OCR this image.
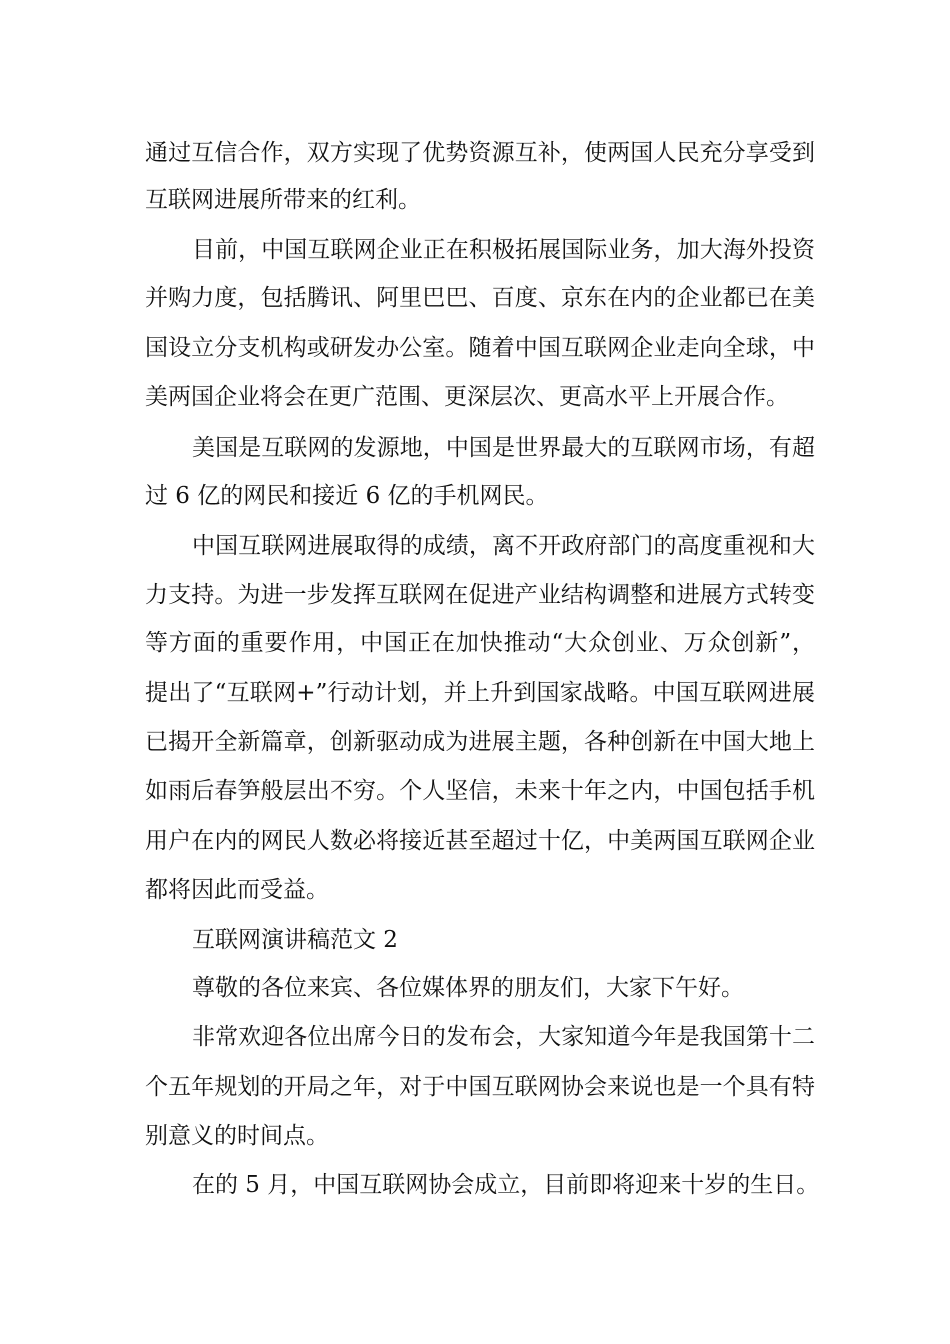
通过互信合作，双方实现了优势资源互补，使两国人民充分享受到
互联网进展所带来的红利。
目前，中国互联网企业正在积极拓展国际业务，加大海外投资
并购力度，包括腾讯、阿里巴巴、百度、京东在内的企业都已在美
国设立分支机构或研发办公室。随着中国互联网企业走向全球，中
美两国企业将会在更广范围、更深层次、更高水平上开展合作。
美国是互联网的发源地，中国是世界最大的互联网市场，有超
过 6 亿的网民和接近 6 亿的手机网民。
中国互联网进展取得的成绩，离不开政府部门的高度重视和大
力支持。为进一步发挥互联网在促进产业结构调整和进展方式转变
等方面的重要作用，中国正在加快推动“大众创业、万众创新”，
提出了“互联网+”行动计划，并上升到国家战略。中国互联网进展
已揭开全新篇章，创新驱动成为进展主题，各种创新在中国大地上
如雨后春笋般层出不穷。个人坚信，未来十年之内，中国包括手机
用户在内的网民人数必将接近甚至超过十亿，中美两国互联网企业
都将因此而受益。
互联网演讲稿范文 2
尊敬的各位来宾、各位媒体界的朋友们，大家下午好。
非常欢迎各位出席今日的发布会，大家知道今年是我国第十二
个五年规划的开局之年，对于中国互联网协会来说也是一个具有特
别意义的时间点。
在的 5 月，中国互联网协会成立，目前即将迎来十岁的生日。
